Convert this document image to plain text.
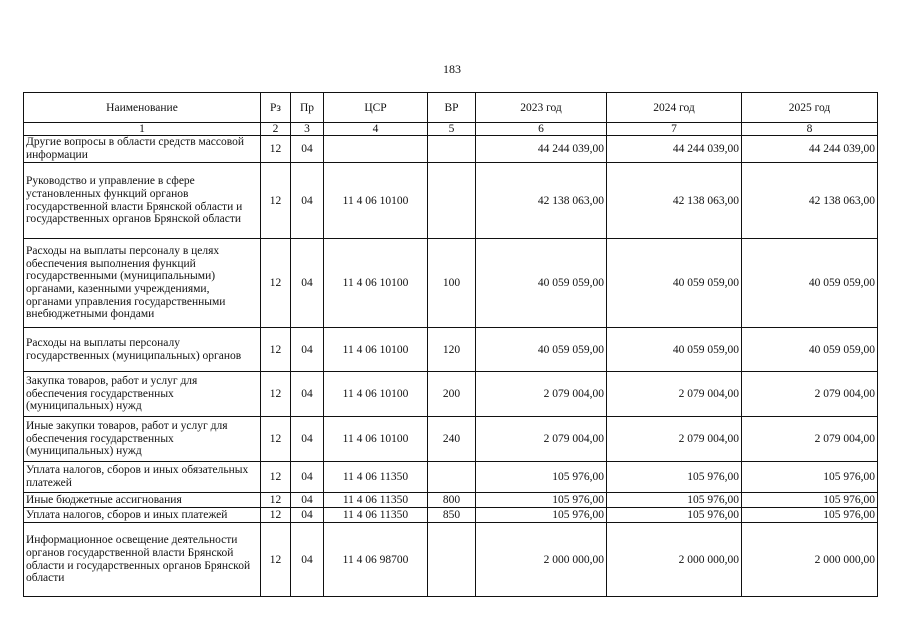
183
Наименование	Рз	Пр	ЦСР	ВР	2023 год	2024 год	2025 год
1	2	3	4	5	6	7	8
Другие вопросы в области средств массовой информации	12	04			44 244 039,00	44 244 039,00	44 244 039,00
Руководство и управление в сфере установленных функций органов государственной власти Брянской области и государственных органов Брянской области	12	04	11 4 06 10100		42 138 063,00	42 138 063,00	42 138 063,00
Расходы на выплаты персоналу в целях обеспечения выполнения функций государственными (муниципальными) органами, казенными учреждениями, органами управления государственными внебюджетными фондами	12	04	11 4 06 10100	100	40 059 059,00	40 059 059,00	40 059 059,00
Расходы на выплаты персоналу государственных (муниципальных) органов	12	04	11 4 06 10100	120	40 059 059,00	40 059 059,00	40 059 059,00
Закупка товаров, работ и услуг для обеспечения государственных (муниципальных) нужд	12	04	11 4 06 10100	200	2 079 004,00	2 079 004,00	2 079 004,00
Иные закупки товаров, работ и услуг для обеспечения государственных (муниципальных) нужд	12	04	11 4 06 10100	240	2 079 004,00	2 079 004,00	2 079 004,00
Уплата налогов, сборов и иных обязательных платежей	12	04	11 4 06 11350		105 976,00	105 976,00	105 976,00
Иные бюджетные ассигнования	12	04	11 4 06 11350	800	105 976,00	105 976,00	105 976,00
Уплата налогов, сборов и иных платежей	12	04	11 4 06 11350	850	105 976,00	105 976,00	105 976,00
Информационное освещение деятельности органов государственной власти Брянской области и государственных органов Брянской области	12	04	11 4 06 98700		2 000 000,00	2 000 000,00	2 000 000,00
